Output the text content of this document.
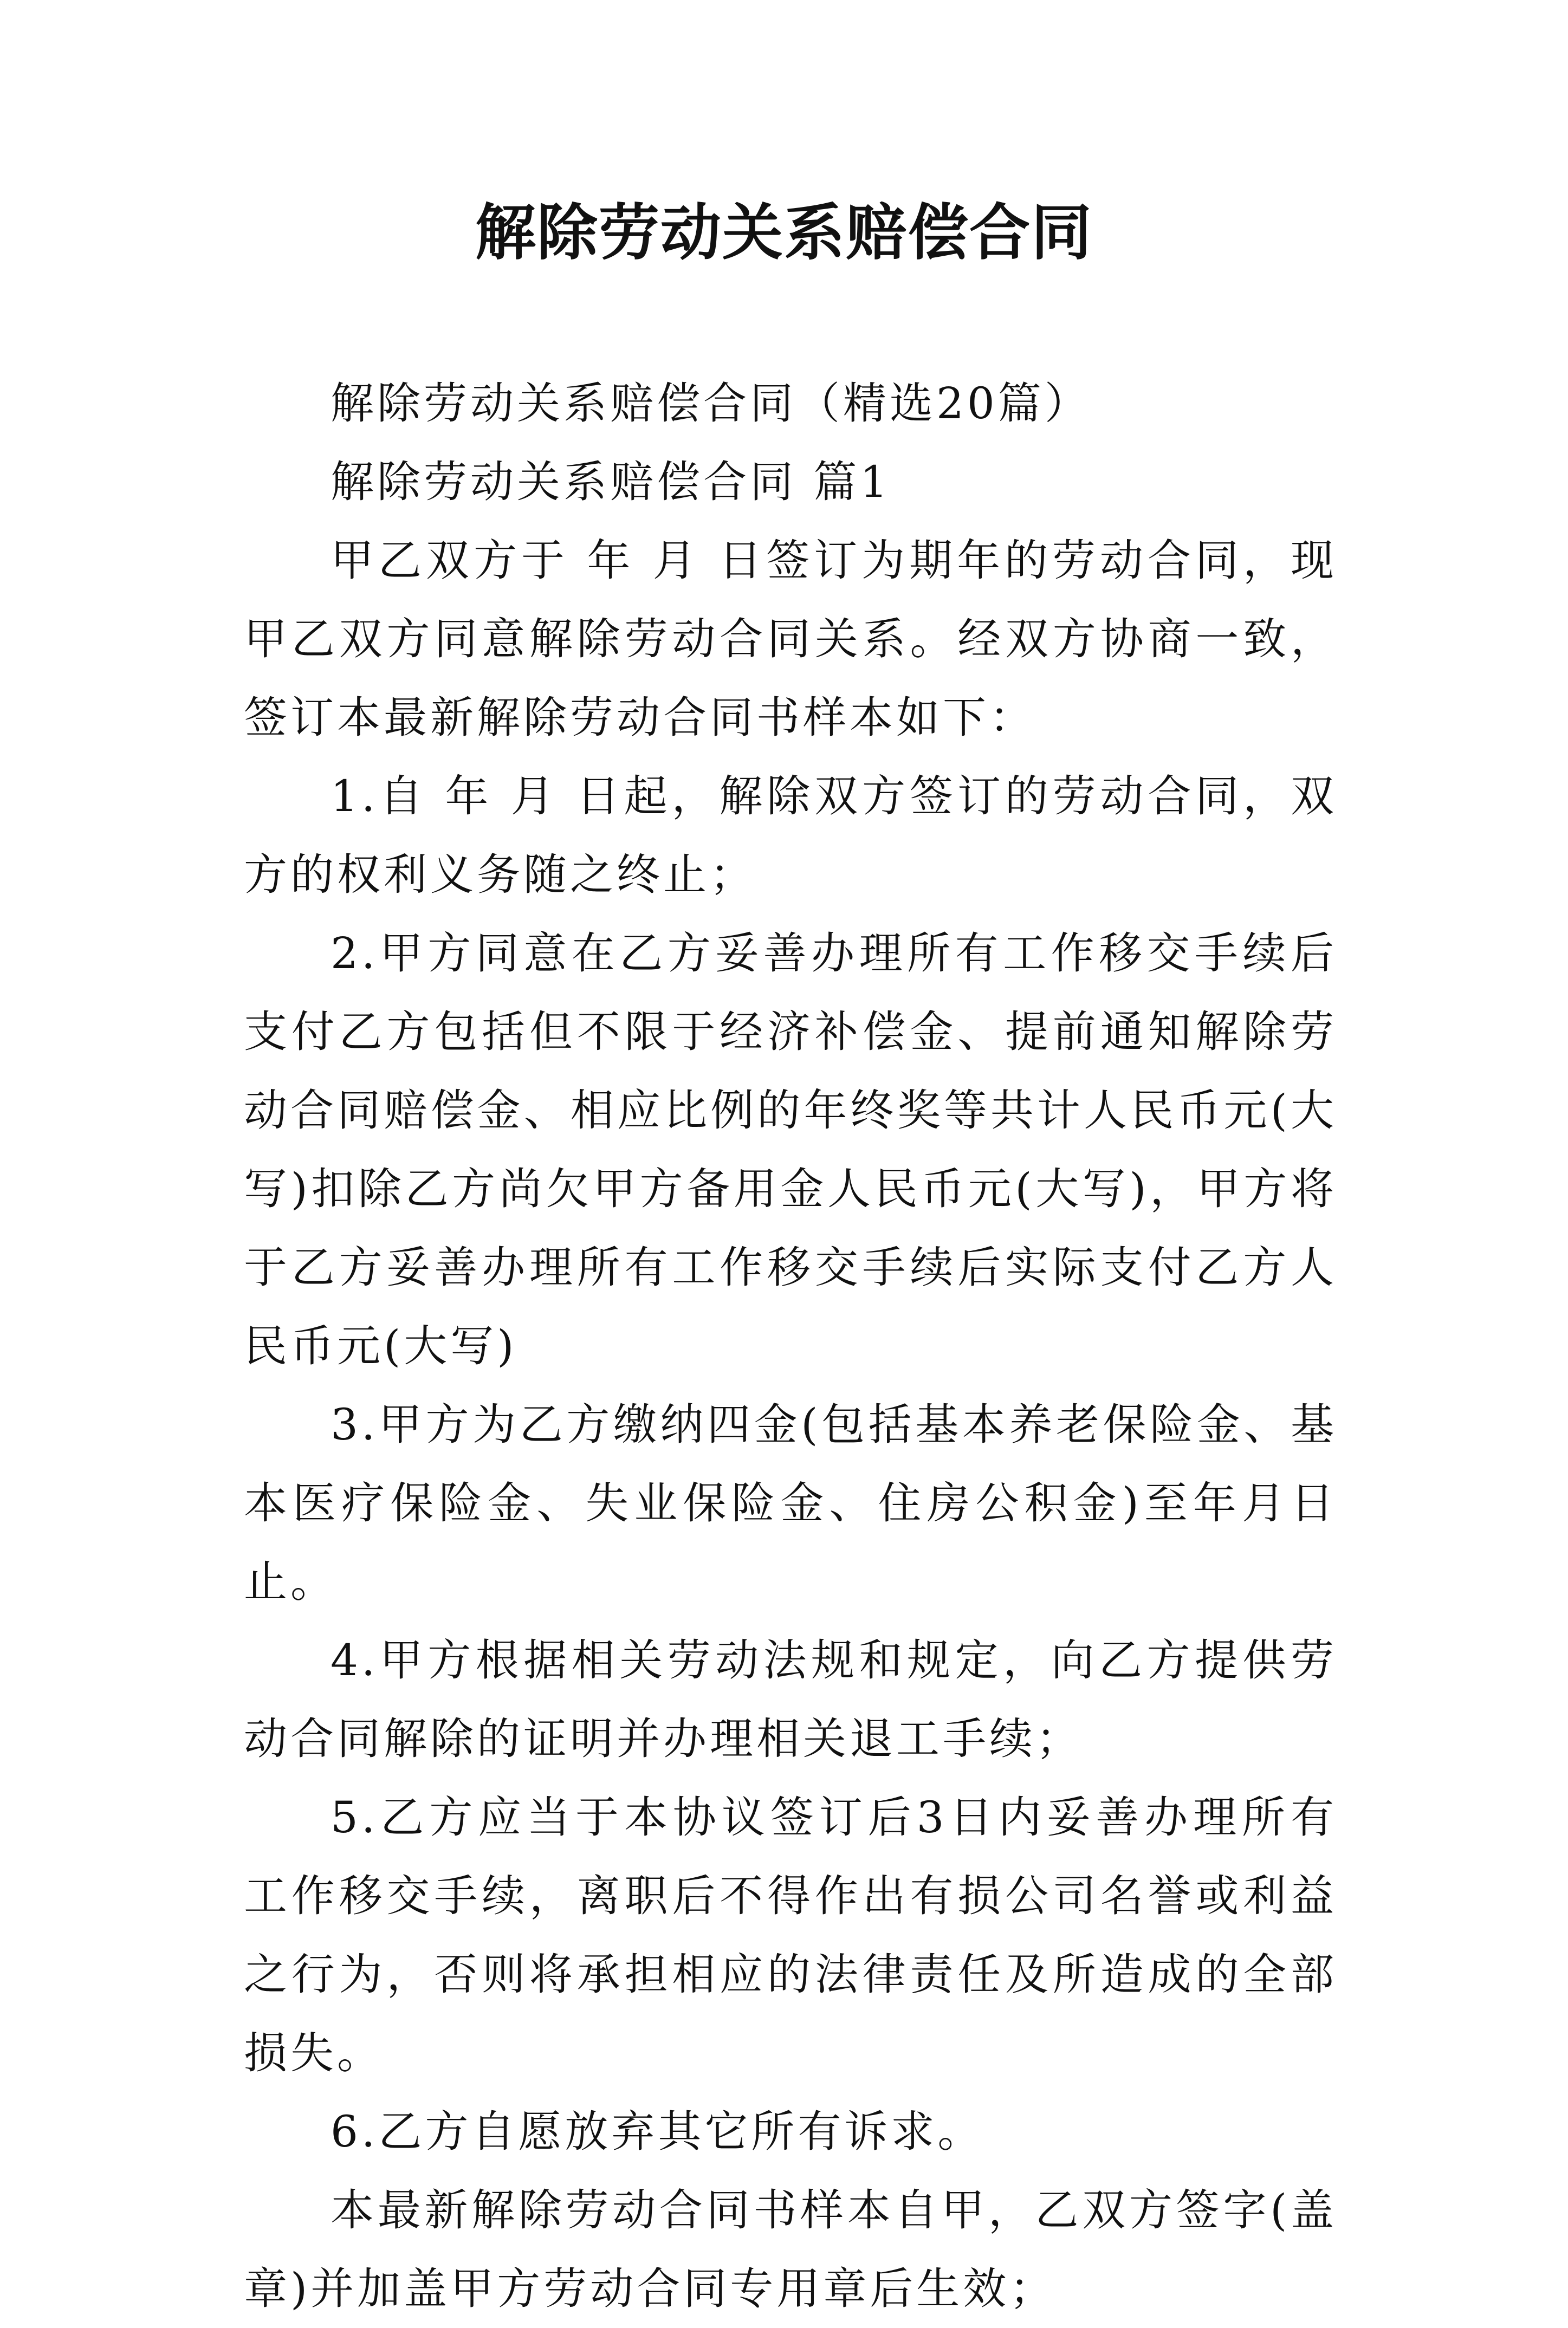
解除劳动关系赔偿合同

解除劳动关系赔偿合同（精选20篇）

解除劳动关系赔偿合同 篇1

甲乙双方于 年 月 日签订为期年的劳动合同，现甲乙双方同意解除劳动合同关系。经双方协商一致，签订本最新解除劳动合同书样本如下：

1.自 年 月 日起，解除双方签订的劳动合同，双方的权利义务随之终止；

2.甲方同意在乙方妥善办理所有工作移交手续后支付乙方包括但不限于经济补偿金、提前通知解除劳动合同赔偿金、相应比例的年终奖等共计人民币元(大写)扣除乙方尚欠甲方备用金人民币元(大写)，甲方将于乙方妥善办理所有工作移交手续后实际支付乙方人民币元(大写)

3.甲方为乙方缴纳四金(包括基本养老保险金、基本医疗保险金、失业保险金、住房公积金)至年月日止。

4.甲方根据相关劳动法规和规定，向乙方提供劳动合同解除的证明并办理相关退工手续；

5.乙方应当于本协议签订后3日内妥善办理所有工作移交手续，离职后不得作出有损公司名誉或利益之行为，否则将承担相应的法律责任及所造成的全部损失。

6.乙方自愿放弃其它所有诉求。

本最新解除劳动合同书样本自甲，乙双方签字(盖章)并加盖甲方劳动合同专用章后生效；
